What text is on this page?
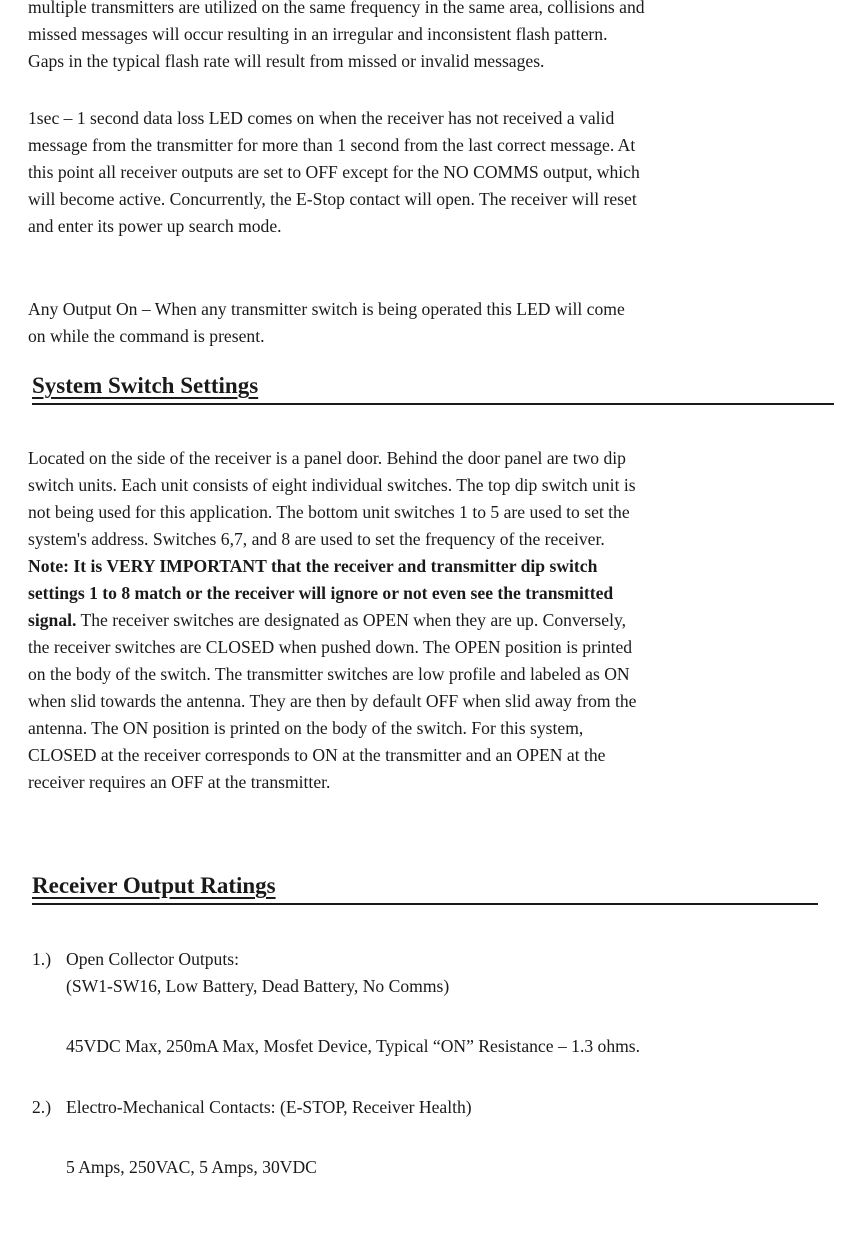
multiple transmitters are utilized on the same frequency in the same area, collisions and
missed messages will occur resulting in an irregular and inconsistent flash pattern.
Gaps in the typical flash rate will result from missed or invalid messages.

1sec – 1 second data loss LED comes on when the receiver has not received a valid
message from the transmitter for more than 1 second from the last correct message. At
this point all receiver outputs are set to OFF except for the NO COMMS output, which
will become active. Concurrently, the E-Stop contact will open. The receiver will reset
and enter its power up search mode.

Any Output On – When any transmitter switch is being operated this LED will come
on while the command is present.

System Switch Settings

Located on the side of the receiver is a panel door. Behind the door panel are two dip
switch units. Each unit consists of eight individual switches. The top dip switch unit is
not being used for this application. The bottom unit switches 1 to 5 are used to set the
system's address. Switches 6,7, and 8 are used to set the frequency of the receiver.
Note: It is VERY IMPORTANT that the receiver and transmitter dip switch
settings 1 to 8 match or the receiver will ignore or not even see the transmitted
signal. The receiver switches are designated as OPEN when they are up. Conversely,
the receiver switches are CLOSED when pushed down. The OPEN position is printed
on the body of the switch. The transmitter switches are low profile and labeled as ON
when slid towards the antenna. They are then by default OFF when slid away from the
antenna. The ON position is printed on the body of the switch. For this system,
CLOSED at the receiver corresponds to ON at the transmitter and an OPEN at the
receiver requires an OFF at the transmitter.

Receiver Output Ratings
1.) Open Collector Outputs:
(SW1-SW16, Low Battery, Dead Battery, No Comms)
45VDC Max, 250mA Max, Mosfet Device, Typical “ON” Resistance – 1.3 ohms.
2.) Electro-Mechanical Contacts: (E-STOP, Receiver Health)
5 Amps, 250VAC, 5 Amps, 30VDC
